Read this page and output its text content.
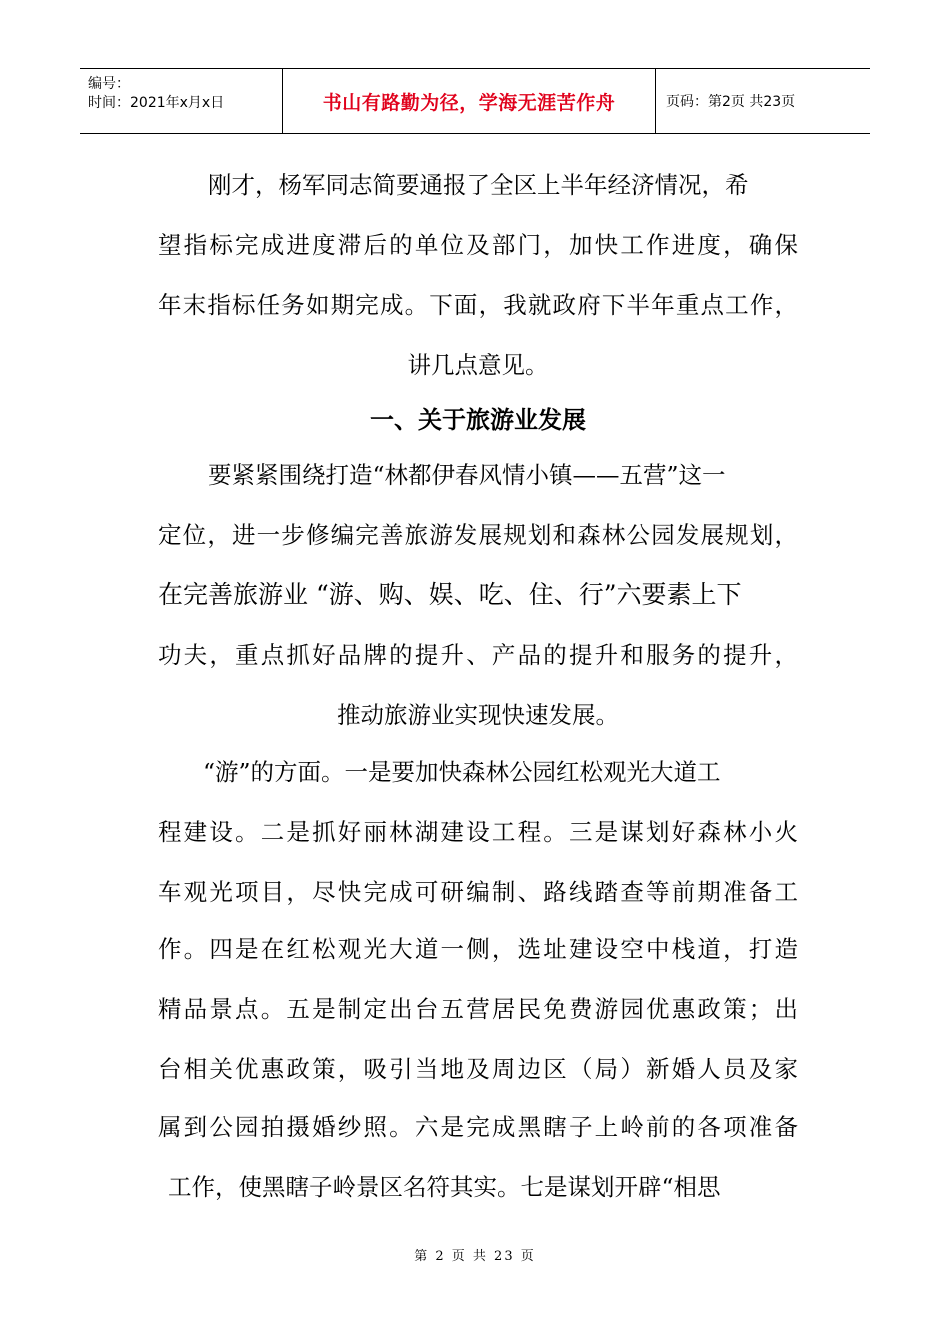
编号：
时间：2021年x月x日	书山有路勤为径，学海无涯苦作舟	页码：第2页 共23页
刚才，杨军同志简要通报了全区上半年经济情况，希
望指标完成进度滞后的单位及部门，加快工作进度，确保
年末指标任务如期完成。下面，我就政府下半年重点工作，
讲几点意见。
一、关于旅游业发展
要紧紧围绕打造“林都伊春风情小镇——五营”这一
定位，进一步修编完善旅游发展规划和森林公园发展规划，
在完善旅游业 “游、购、娱、吃、住、行”六要素上下
功夫，重点抓好品牌的提升、产品的提升和服务的提升，
推动旅游业实现快速发展。
“游”的方面。一是要加快森林公园红松观光大道工
程建设。二是抓好丽林湖建设工程。三是谋划好森林小火
车观光项目，尽快完成可研编制、路线踏查等前期准备工
作。四是在红松观光大道一侧，选址建设空中栈道，打造
精品景点。五是制定出台五营居民免费游园优惠政策；出
台相关优惠政策，吸引当地及周边区（局）新婚人员及家
属到公园拍摄婚纱照。六是完成黑瞎子上岭前的各项准备
工作，使黑瞎子岭景区名符其实。七是谋划开辟“相思
第 2 页 共 23 页
